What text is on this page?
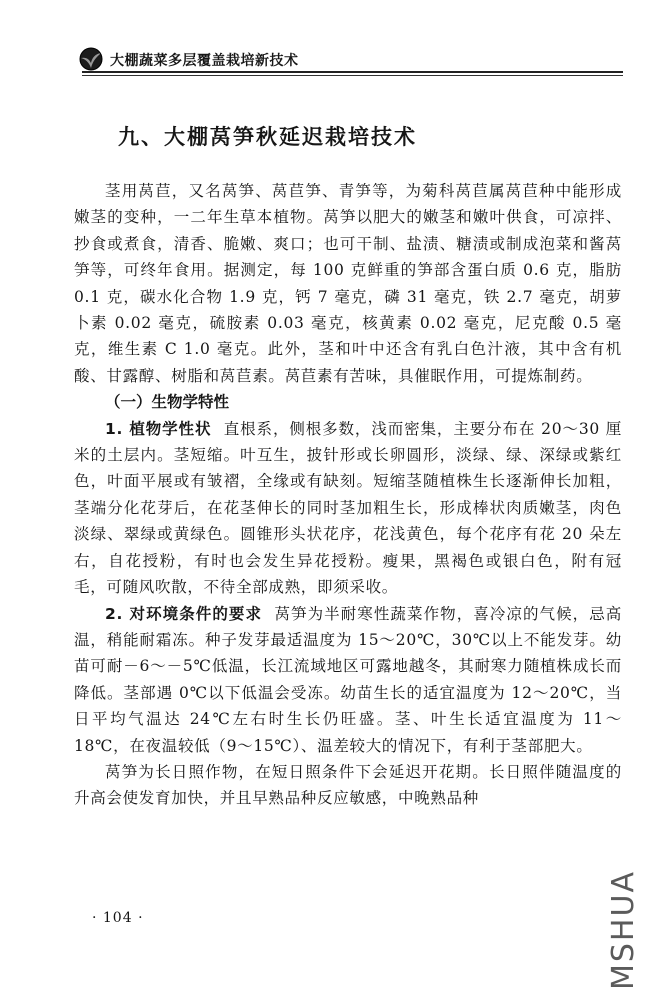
大棚蔬菜多层覆盖栽培新技术
九、大棚莴笋秋延迟栽培技术

茎用莴苣，又名莴笋、莴苣笋、青笋等，为菊科莴苣属莴苣种中能形成嫩茎的变种，一二年生草本植物。莴笋以肥大的嫩茎和嫩叶供食，可凉拌、抄食或煮食，清香、脆嫩、爽口；也可干制、盐渍、糖渍或制成泡菜和酱莴笋等，可终年食用。据测定，每 100 克鲜重的笋部含蛋白质 0.6 克，脂肪 0.1 克，碳水化合物 1.9 克，钙 7 毫克，磷 31 毫克，铁 2.7 毫克，胡萝卜素 0.02 毫克，硫胺素 0.03 毫克，核黄素 0.02 毫克，尼克酸 0.5 毫克，维生素 C 1.0 毫克。此外，茎和叶中还含有乳白色汁液，其中含有机酸、甘露醇、树脂和莴苣素。莴苣素有苦味，具催眠作用，可提炼制药。

（一）生物学特性

1. 植物学性状 直根系，侧根多数，浅而密集，主要分布在 20～30 厘米的土层内。茎短缩。叶互生，披针形或长卵圆形，淡绿、绿、深绿或紫红色，叶面平展或有皱褶，全缘或有缺刻。短缩茎随植株生长逐渐伸长加粗，茎端分化花芽后，在花茎伸长的同时茎加粗生长，形成棒状肉质嫩茎，肉色淡绿、翠绿或黄绿色。圆锥形头状花序，花浅黄色，每个花序有花 20 朵左右，自花授粉，有时也会发生异花授粉。瘦果，黑褐色或银白色，附有冠毛，可随风吹散，不待全部成熟，即须采收。

2. 对环境条件的要求 莴笋为半耐寒性蔬菜作物，喜冷凉的气候，忌高温，稍能耐霜冻。种子发芽最适温度为 15～20℃，30℃以上不能发芽。幼苗可耐－6～－5℃低温，长江流域地区可露地越冬，其耐寒力随植株成长而降低。茎部遇 0℃以下低温会受冻。幼苗生长的适宜温度为 12～20℃，当日平均气温达 24℃左右时生长仍旺盛。茎、叶生长适宜温度为 11～18℃，在夜温较低（9～15℃）、温差较大的情况下，有利于茎部肥大。

莴笋为长日照作物，在短日照条件下会延迟开花期。长日照伴随温度的升高会使发育加快，并且早熟品种反应敏感，中晚熟品种

· 104 ·	MSHUA
